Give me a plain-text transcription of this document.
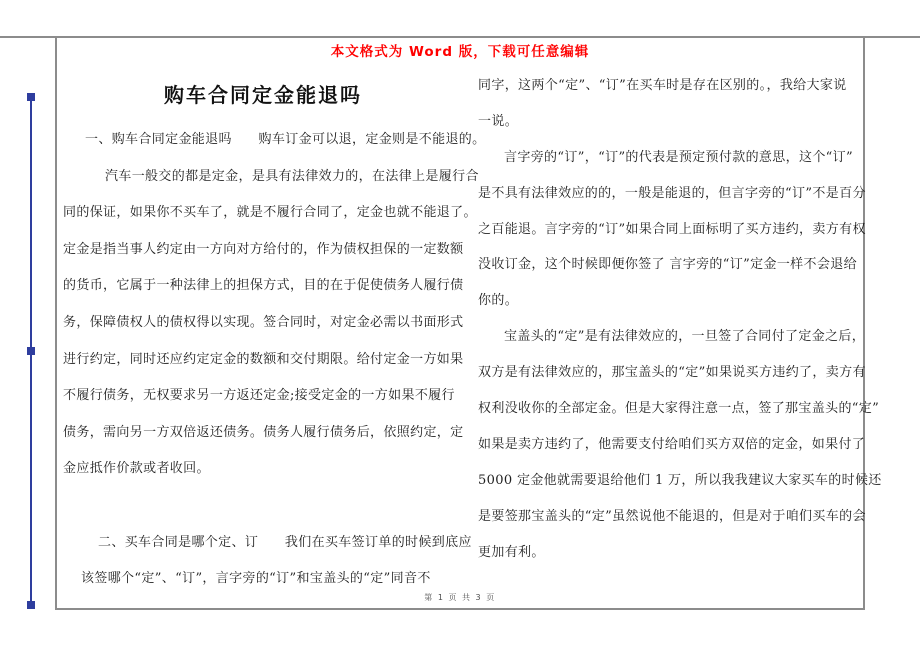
本文格式为 Word 版，下载可任意编辑
购车合同定金能退吗
一、购车合同定金能退吗　　购车订金可以退，定金则是不能退的。
汽车一般交的都是定金，是具有法律效力的，在法律上是履行合
同的保证，如果你不买车了，就是不履行合同了，定金也就不能退了。
定金是指当事人约定由一方向对方给付的，作为债权担保的一定数额
的货币，它属于一种法律上的担保方式，目的在于促使债务人履行债
务，保障债权人的债权得以实现。签合同时，对定金必需以书面形式
进行约定，同时还应约定定金的数额和交付期限。给付定金一方如果
不履行债务，无权要求另一方返还定金;接受定金的一方如果不履行
债务，需向另一方双倍返还债务。债务人履行债务后，依照约定，定
金应抵作价款或者收回。
二、买车合同是哪个定、订　　我们在买车签订单的时候到底应
该签哪个“定”、“订”，言字旁的“订”和宝盖头的“定”同音不
同字，这两个“定”、“订”在买车时是存在区别的。，我给大家说
一说。
言字旁的“订”，“订”的代表是预定预付款的意思，这个“订”
是不具有法律效应的的，一般是能退的，但言字旁的“订”不是百分
之百能退。言字旁的“订”如果合同上面标明了买方违约，卖方有权
没收订金，这个时候即便你签了 言字旁的“订”定金一样不会退给
你的。
宝盖头的“定”是有法律效应的，一旦签了合同付了定金之后，
双方是有法律效应的，那宝盖头的“定”如果说买方违约了，卖方有
权利没收你的全部定金。但是大家得注意一点，签了那宝盖头的“定”
如果是卖方违约了，他需要支付给咱们买方双倍的定金，如果付了
5000 定金他就需要退给他们 1 万，所以我我建议大家买车的时候还
是要签那宝盖头的“定”虽然说他不能退的，但是对于咱们买车的会
更加有利。
第 1 页 共 3 页
